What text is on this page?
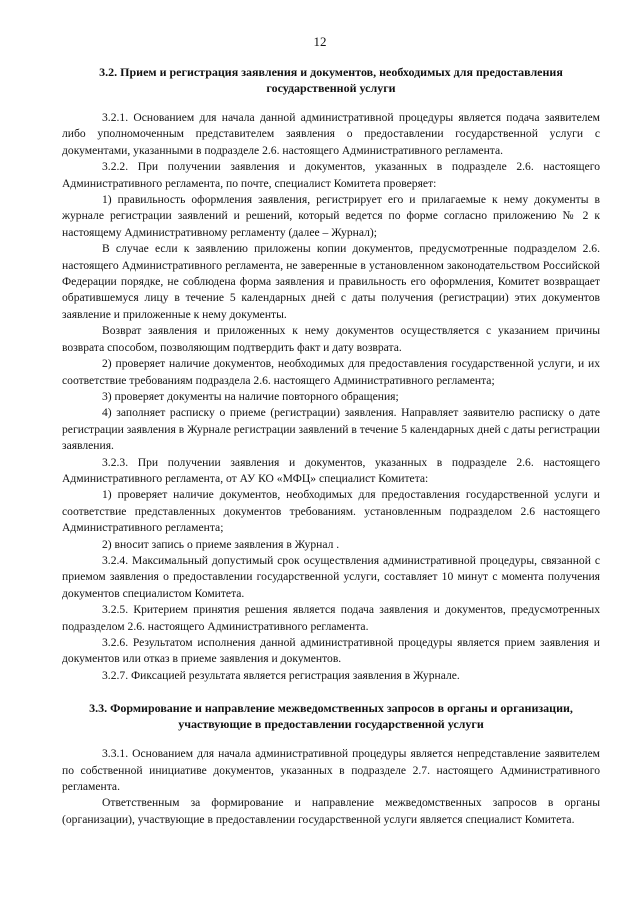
12
3.2. Прием и регистрация заявления и документов, необходимых для предоставления государственной услуги

3.2.1. Основанием для начала данной административной процедуры является подача заявителем либо уполномоченным представителем заявления о предоставлении государственной услуги с документами, указанными в подразделе 2.6. настоящего Административного регламента.

3.2.2. При получении заявления и документов, указанных в подразделе 2.6. настоящего Административного регламента, по почте, специалист Комитета проверяет:

1) правильность оформления заявления, регистрирует его и прилагаемые к нему документы в журнале регистрации заявлений и решений, который ведется по форме согласно приложению № 2 к настоящему Административному регламенту (далее – Журнал);

В случае если к заявлению приложены копии документов, предусмотренные подразделом 2.6. настоящего Административного регламента, не заверенные в установленном законодательством Российской Федерации порядке, не соблюдена форма заявления и правильность его оформления, Комитет возвращает обратившемуся лицу в течение 5 календарных дней с даты получения (регистрации) этих документов заявление и приложенные к нему документы.

Возврат заявления и приложенных к нему документов осуществляется с указанием причины возврата способом, позволяющим подтвердить факт и дату возврата.

2) проверяет наличие документов, необходимых для предоставления государственной услуги, и их соответствие требованиям подраздела 2.6. настоящего Административного регламента;

3) проверяет документы на наличие повторного обращения;

4) заполняет расписку о приеме (регистрации) заявления. Направляет заявителю расписку о дате регистрации заявления в Журнале регистрации заявлений в течение 5 календарных дней с даты регистрации заявления.

3.2.3. При получении заявления и документов, указанных в подразделе 2.6. настоящего Административного регламента, от АУ КО «МФЦ» специалист Комитета:

1) проверяет наличие документов, необходимых для предоставления государственной услуги и соответствие представленных документов требованиям. установленным подразделом 2.6 настоящего Административного регламента;

2) вносит запись о приеме заявления в Журнал .

3.2.4. Максимальный допустимый срок осуществления административной процедуры, связанной с приемом заявления о предоставлении государственной услуги, составляет 10 минут с момента получения документов специалистом Комитета.

3.2.5. Критерием принятия решения является подача заявления и документов, предусмотренных подразделом 2.6. настоящего Административного регламента.

3.2.6. Результатом исполнения данной административной процедуры является прием заявления и документов или отказ в приеме заявления и документов.

3.2.7. Фиксацией результата является регистрация заявления в Журнале.

3.3. Формирование и направление межведомственных запросов в органы и организации, участвующие в предоставлении государственной услуги

3.3.1. Основанием для начала административной процедуры является непредставление заявителем по собственной инициативе документов, указанных в подразделе 2.7. настоящего Административного регламента.

Ответственным за формирование и направление межведомственных запросов в органы (организации), участвующие в предоставлении государственной услуги является специалист Комитета.
